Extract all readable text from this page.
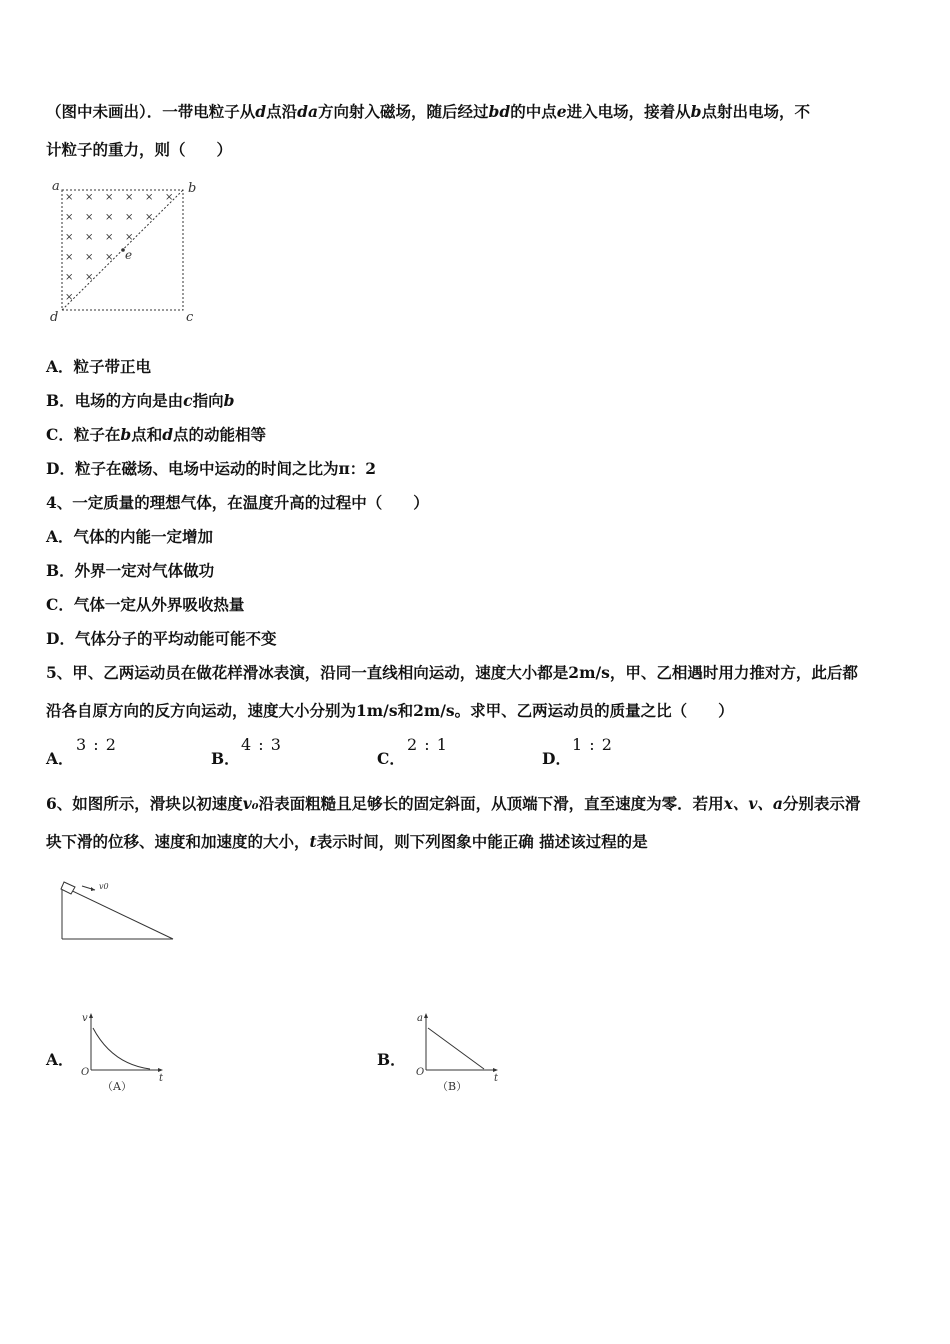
（图中未画出）．一带电粒子从d点沿da方向射入磁场，随后经过bd的中点e进入电场，接着从b点射出电场，不
计粒子的重力，则（　　）
a	b
c
d
e
× × × × × ×
× × × × ×
× × × ×
× × ×
× ×
×
A．粒子带正电
B．电场的方向是由c指向b
C．粒子在b点和d点的动能相等
D．粒子在磁场、电场中运动的时间之比为π：2
4、一定质量的理想气体，在温度升高的过程中（　　）
A．气体的内能一定增加
B．外界一定对气体做功
C．气体一定从外界吸收热量
D．气体分子的平均动能可能不变
5、甲、乙两运动员在做花样滑冰表演，沿同一直线相向运动，速度大小都是2m/s，甲、乙相遇时用力推对方，此后都
沿各自原方向的反方向运动，速度大小分别为1m/s和2m/s。求甲、乙两运动员的质量之比（　　）
A．
3 : 2
B．
4 : 3
C．
2 : 1
D．
1 : 2
6、如图所示，滑块以初速度v₀沿表面粗糙且足够长的固定斜面，从顶端下滑，直至速度为零．若用x、v、a分别表示滑
块下滑的位移、速度和加速度的大小，t表示时间，则下列图象中能正确 描述该过程的是
v0
A．
v
t
O
（A）
B．
a
t
O
（B）
